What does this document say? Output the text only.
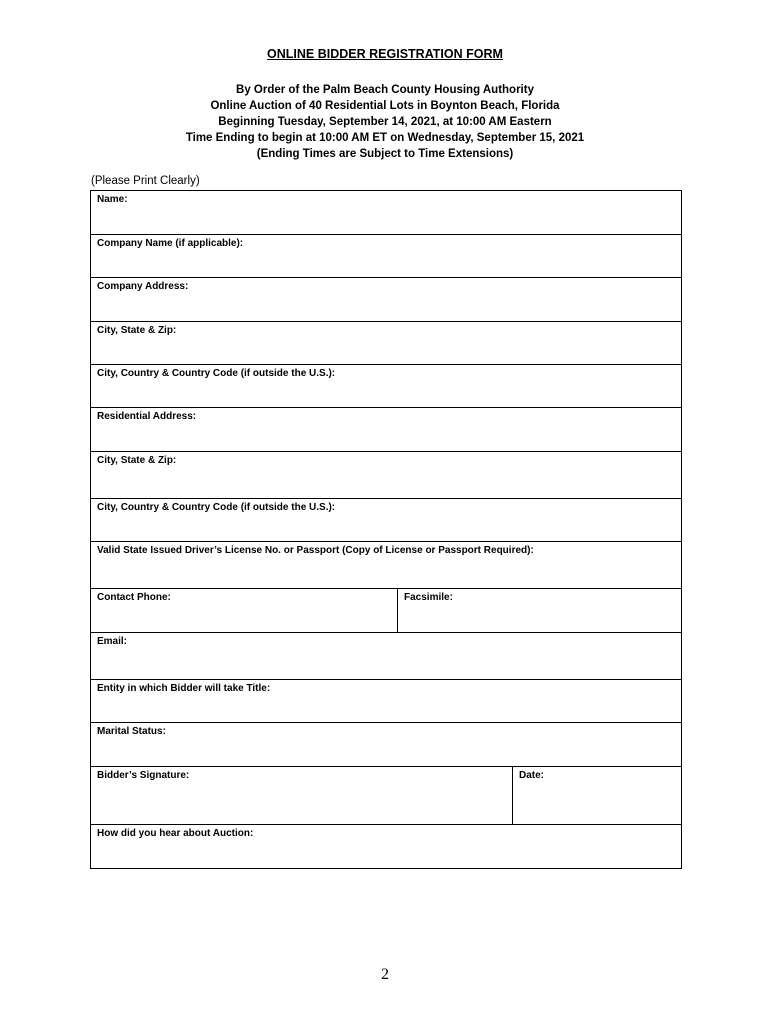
ONLINE BIDDER REGISTRATION FORM
By Order of the Palm Beach County Housing Authority
Online Auction of 40 Residential Lots in Boynton Beach, Florida
Beginning Tuesday, September 14, 2021, at 10:00 AM Eastern
Time Ending to begin at 10:00 AM ET on Wednesday, September 15, 2021
(Ending Times are Subject to Time Extensions)
(Please Print Clearly)
Name:		
Company Name (if applicable):		
Company Address:		
City, State & Zip:		
City, Country & Country Code (if outside the U.S.):		
Residential Address:		
City, State & Zip:		
City, Country & Country Code (if outside the U.S.):		
Valid State Issued Driver’s License No. or Passport (Copy of License or Passport Required):		
Contact Phone:	Facsimile:	
Email:		
Entity in which Bidder will take Title:		
Marital Status:		
Bidder’s Signature:		Date:
How did you hear about Auction:		
2
